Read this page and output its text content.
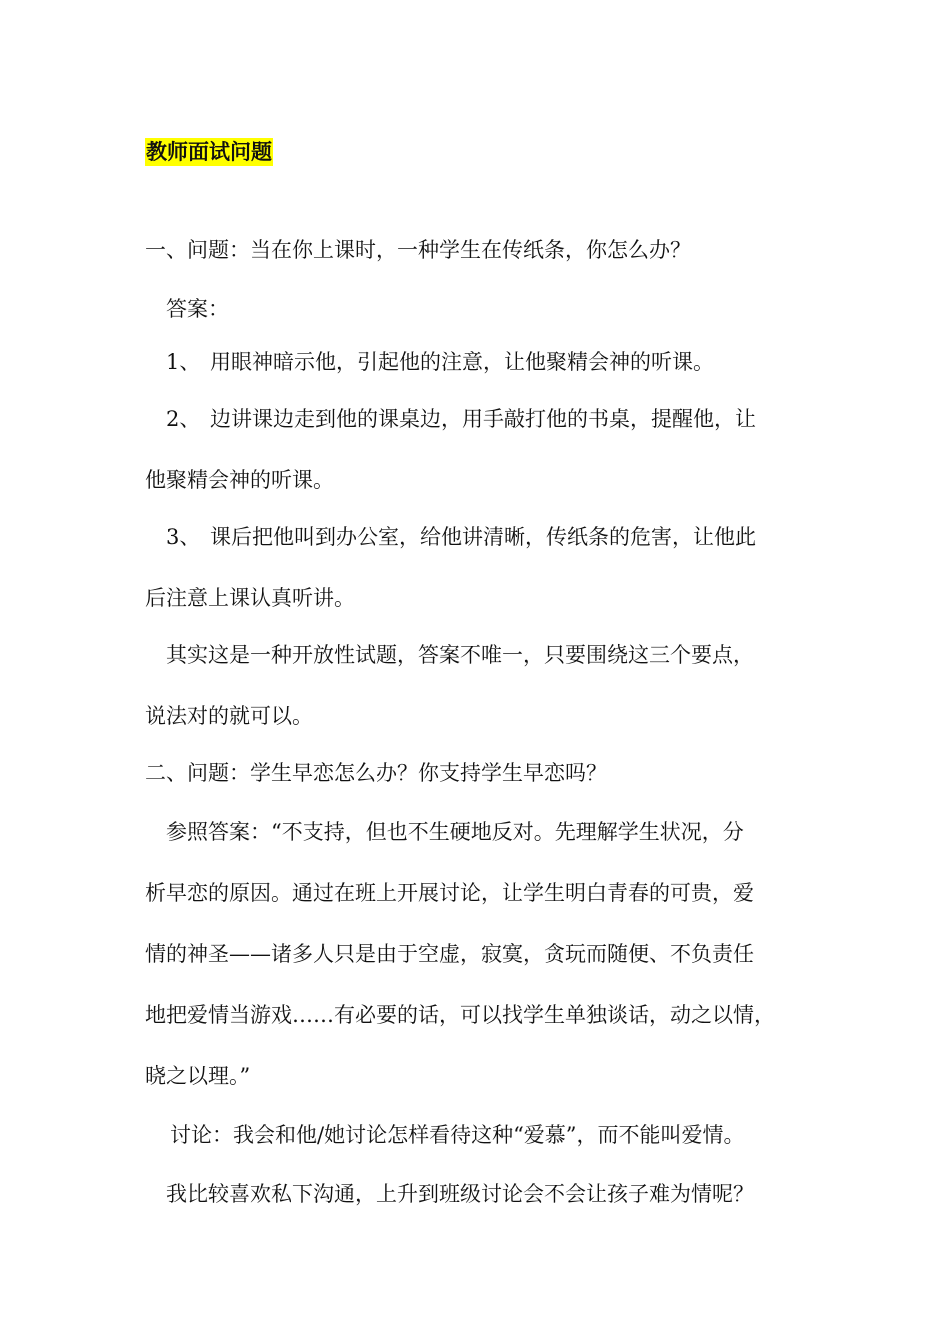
教师面试问题
一、问题：当在你上课时，一种学生在传纸条，你怎么办？
答案：
1、 用眼神暗示他，引起他的注意，让他聚精会神的听课。
2、 边讲课边走到他的课桌边，用手敲打他的书桌，提醒他，让
他聚精会神的听课。
3、 课后把他叫到办公室，给他讲清晰，传纸条的危害，让他此
后注意上课认真听讲。
其实这是一种开放性试题，答案不唯一，只要围绕这三个要点，
说法对的就可以。
二、问题：学生早恋怎么办？你支持学生早恋吗？
参照答案：“不支持，但也不生硬地反对。先理解学生状况，分
析早恋的原因。通过在班上开展讨论，让学生明白青春的可贵，爱
情的神圣——诸多人只是由于空虚，寂寞，贪玩而随便、不负责任
地把爱情当游戏……有必要的话，可以找学生单独谈话，动之以情，
晓之以理。”
讨论：我会和他/她讨论怎样看待这种“爱慕”，而不能叫爱情。
我比较喜欢私下沟通，上升到班级讨论会不会让孩子难为情呢？
